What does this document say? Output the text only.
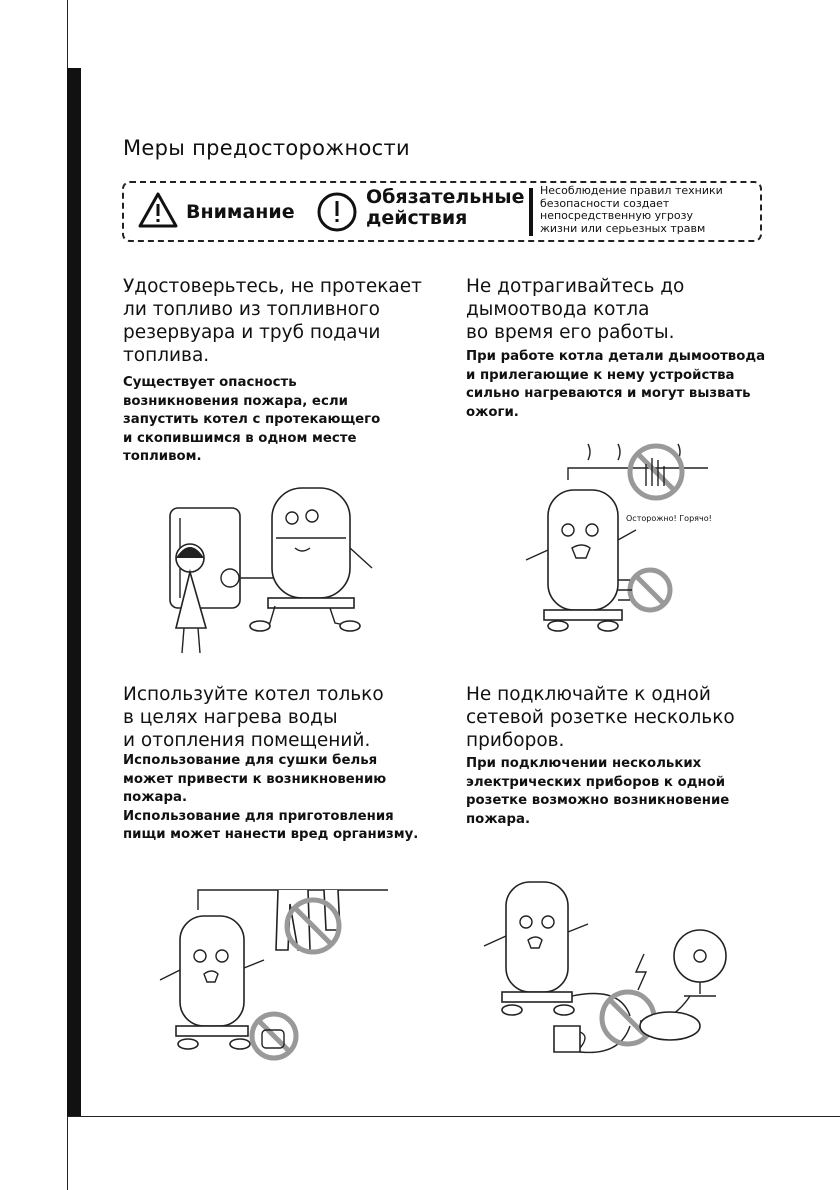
Меры предосторожности
Внимание
Обязательные
действия
Несоблюдение правил техники
безопасности создает
непосредственную угрозу
жизни или серьезных травм
Удостоверьтесь, не протекает
ли топливо из топливного
резервуара и труб подачи
топлива.
Существует опасность
возникновения пожара, если
запустить котел с протекающего
и скопившимся в одном месте
топливом.
Не дотрагивайтесь до
дымоотвода котла
во время его работы.
При работе котла детали дымоотвода
и прилегающие к нему устройства
сильно нагреваются и могут вызвать
ожоги.
Осторожно! Горячо!
Используйте котел только
в целях нагрева воды
и отопления помещений.
Использование для сушки белья
может привести к возникновению
пожара.
Использование для приготовления
пищи может нанести вред организму.
Не подключайте к одной
сетевой розетке несколько
приборов.
При подключении нескольких
электрических приборов к одной
розетке возможно возникновение
пожара.
